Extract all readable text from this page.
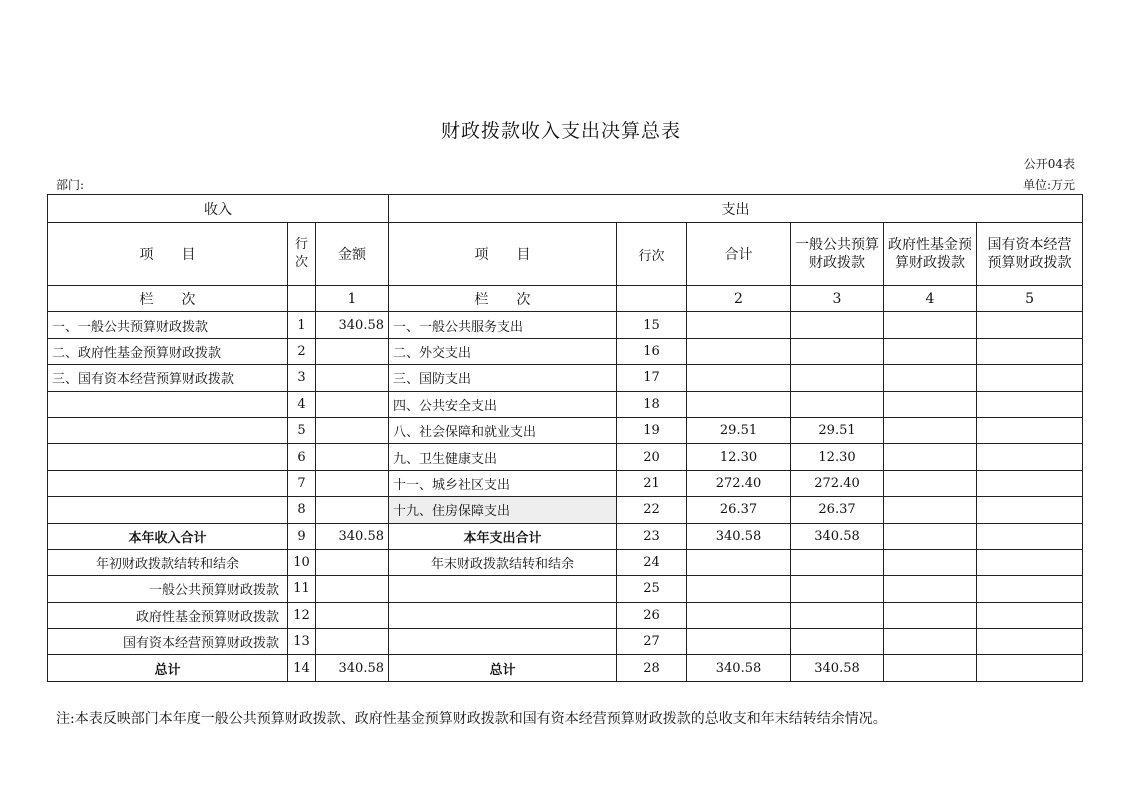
财政拨款收入支出决算总表
公开04表
部门:	单位:万元
收入			支出					
项　　目	行次	金额	项　　目	行次	合计	一般公共预算财政拨款	政府性基金预算财政拨款	国有资本经营预算财政拨款
栏　　次		1	栏　　次		2	3	4	5
一、一般公共预算财政拨款	1	340.58	一、一般公共服务支出	15				
二、政府性基金预算财政拨款	2		二、外交支出	16				
三、国有资本经营预算财政拨款	3		三、国防支出	17				
	4		四、公共安全支出	18				
	5		八、社会保障和就业支出	19	29.51	29.51		
	6		九、卫生健康支出	20	12.30	12.30		
	7		十一、城乡社区支出	21	272.40	272.40		
	8		十九、住房保障支出	22	26.37	26.37		
本年收入合计	9	340.58	本年支出合计	23	340.58	340.58		
年初财政拨款结转和结余	10		年末财政拨款结转和结余	24				
一般公共预算财政拨款	11			25				
政府性基金预算财政拨款	12			26				
国有资本经营预算财政拨款	13			27				
总计	14	340.58	总计	28	340.58	340.58		
注:本表反映部门本年度一般公共预算财政拨款、政府性基金预算财政拨款和国有资本经营预算财政拨款的总收支和年末结转结余情况。
